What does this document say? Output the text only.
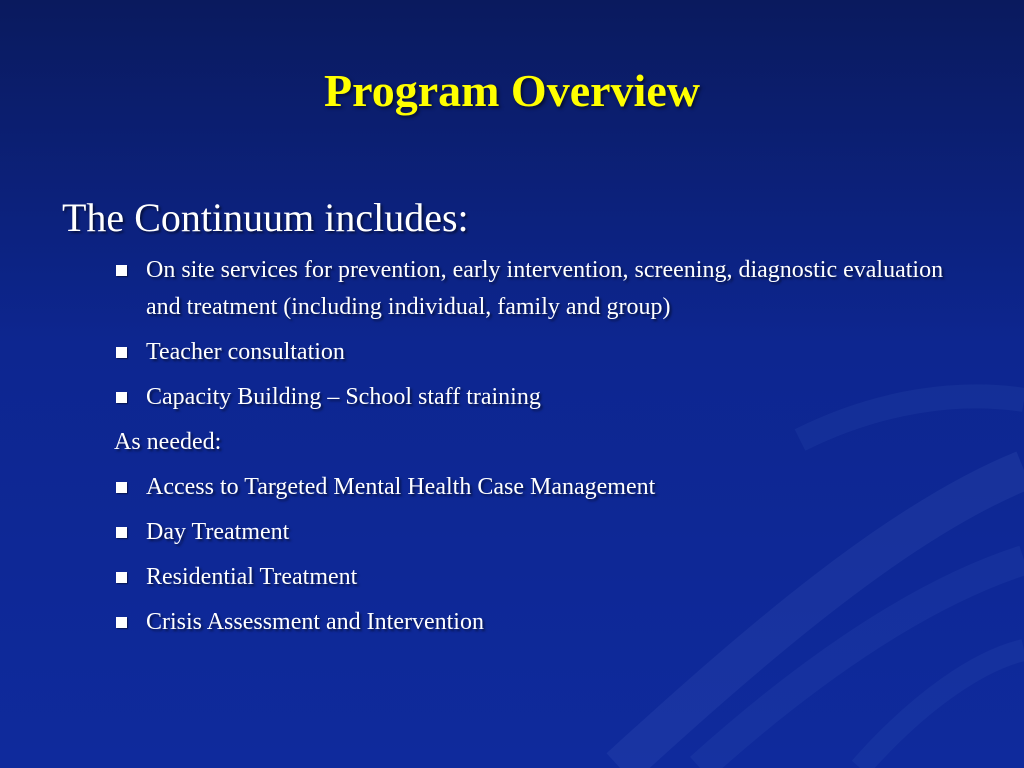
Program Overview
The Continuum includes:
On site services for prevention, early intervention, screening, diagnostic evaluation and treatment (including individual, family and group)
Teacher consultation
Capacity Building – School staff training
As needed:
Access to Targeted Mental Health Case Management
Day Treatment
Residential Treatment
Crisis Assessment and Intervention
